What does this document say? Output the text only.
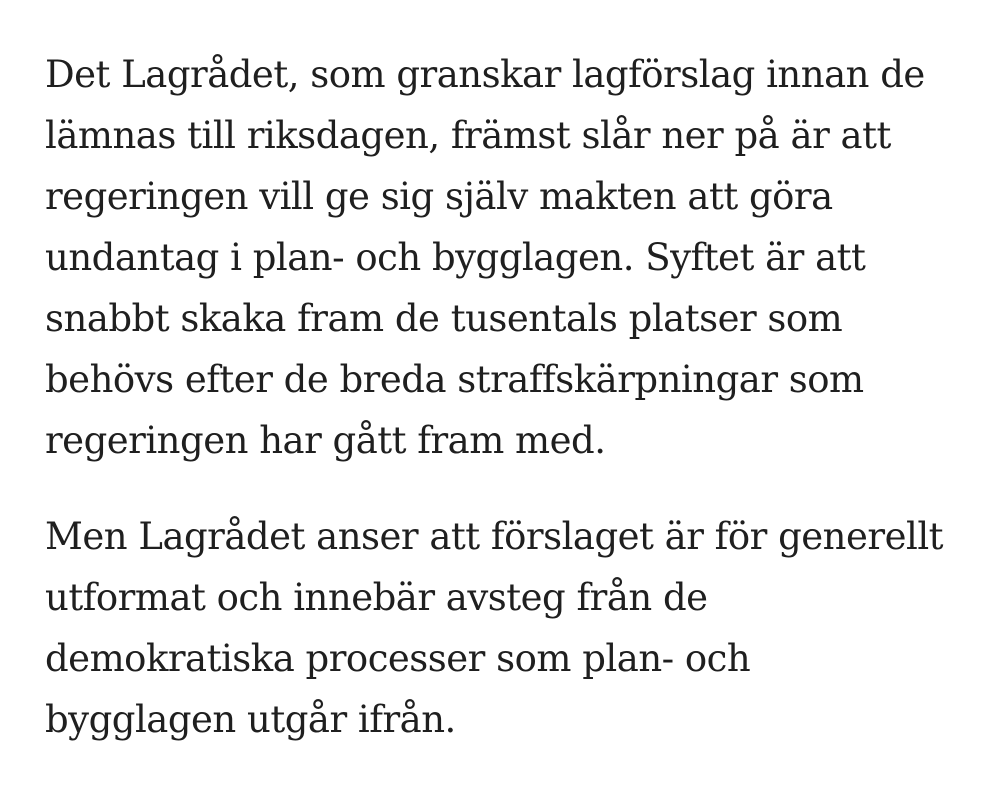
Det Lagrådet, som granskar lagförslag innan de
lämnas till riksdagen, främst slår ner på är att
regeringen vill ge sig själv makten att göra
undantag i plan- och bygglagen. Syftet är att
snabbt skaka fram de tusentals platser som
behövs efter de breda straffskärpningar som
regeringen har gått fram med.

Men Lagrådet anser att förslaget är för generellt
utformat och innebär avsteg från de
demokratiska processer som plan- och
bygglagen utgår ifrån.
